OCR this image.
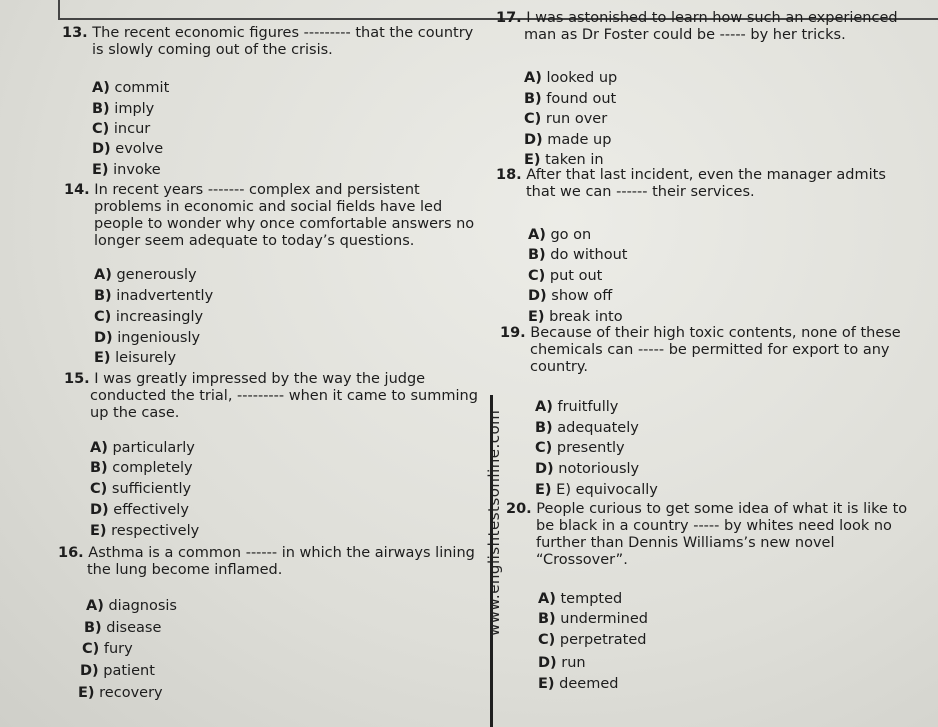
www.englishtestsonline.com
13. The recent economic figures --------- that the country
is slowly coming out of the crisis.
A) commit
B) imply
C) incur
D) evolve
E) invoke
14. In recent years ------- complex and persistent
problems in economic and social fields have led
people to wonder why once comfortable answers no
longer seem adequate to today’s questions.
A) generously
B) inadvertently
C) increasingly
D) ingeniously
E) leisurely
15. I was greatly impressed by the way the judge
conducted the trial, --------- when it came to summing
up the case.
A) particularly
B) completely
C) sufficiently
D) effectively
E) respectively
16. Asthma is a common ------ in which the airways lining
the lung become inflamed.
A) diagnosis
B) disease
C) fury
D) patient
E) recovery
17. I was astonished to learn how such an experienced
man as Dr Foster could be ----- by her tricks.
A) looked up
B) found out
C) run over
D) made up
E) taken in
18. After that last incident, even the manager admits
that we can ------ their services.
A) go on
B) do without
C) put out
D) show off
E) break into
19. Because of their high toxic contents, none of these
chemicals can ----- be permitted for export to any
country.
A) fruitfully
B) adequately
C) presently
D) notoriously
E) E) equivocally
20. People curious to get some idea of what it is like to
be black in a country ----- by whites need look no
further than Dennis Williams’s new novel
“Crossover”.
A) tempted
B) undermined
C) perpetrated
D) run
E) deemed
